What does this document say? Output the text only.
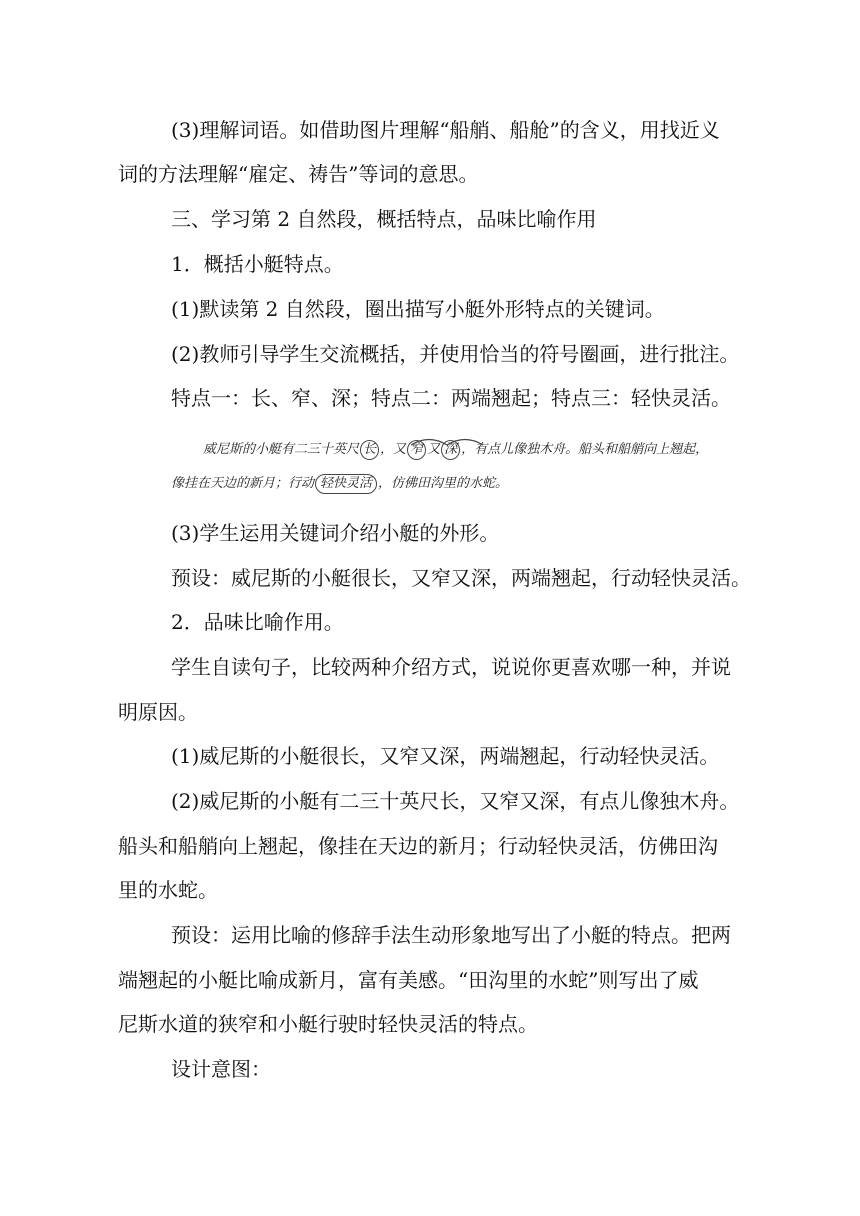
(3)理解词语。如借助图片理解“船艄、船舱”的含义，用找近义
词的方法理解“雇定、祷告”等词的意思。
三、学习第 2 自然段，概括特点，品味比喻作用
1．概括小艇特点。
(1)默读第 2 自然段，圈出描写小艇外形特点的关键词。
(2)教师引导学生交流概括，并使用恰当的符号圈画，进行批注。
特点一：长、窄、深；特点二：两端翘起；特点三：轻快灵活。
威尼斯的小艇有二三十英尺 长 ，又 窄 又 深 ，有点儿像独木舟。船头和船艄向上翘起，
像挂在天边的新月；行动 轻快灵活 ，仿佛田沟里的水蛇。
(3)学生运用关键词介绍小艇的外形。
预设：威尼斯的小艇很长，又窄又深，两端翘起，行动轻快灵活。
2．品味比喻作用。
学生自读句子，比较两种介绍方式，说说你更喜欢哪一种，并说
明原因。
(1)威尼斯的小艇很长，又窄又深，两端翘起，行动轻快灵活。
(2)威尼斯的小艇有二三十英尺长，又窄又深，有点儿像独木舟。
船头和船艄向上翘起，像挂在天边的新月；行动轻快灵活，仿佛田沟
里的水蛇。
预设：运用比喻的修辞手法生动形象地写出了小艇的特点。把两
端翘起的小艇比喻成新月，富有美感。“田沟里的水蛇”则写出了威
尼斯水道的狭窄和小艇行驶时轻快灵活的特点。
设计意图：
